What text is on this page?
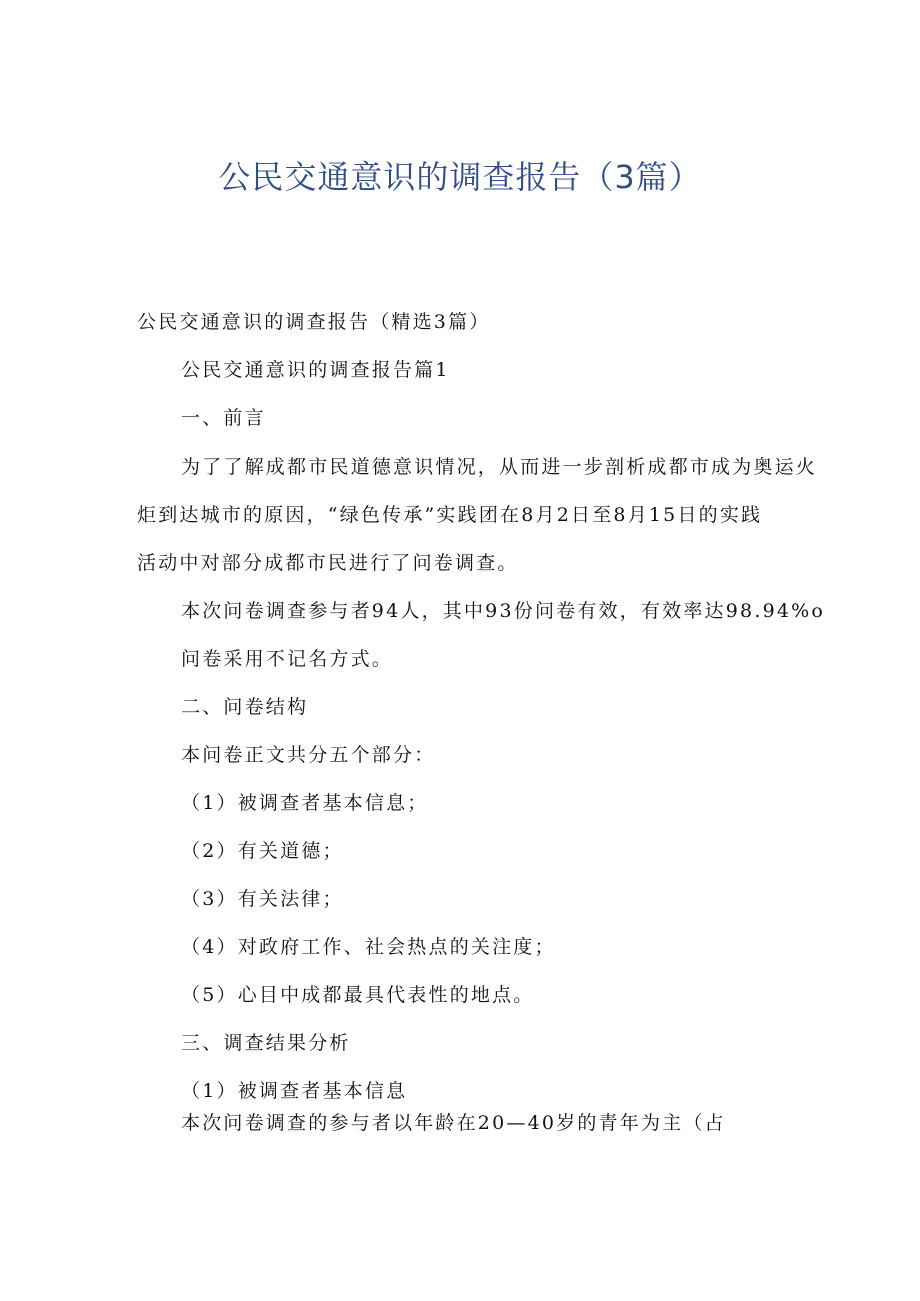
公民交通意识的调查报告（3篇）
公民交通意识的调查报告（精选3篇）
公民交通意识的调查报告篇1
一、前言
为了了解成都市民道德意识情况，从而进一步剖析成都市成为奥运火
炬到达城市的原因，“绿色传承”实践团在8月2日至8月15日的实践
活动中对部分成都市民进行了问卷调查。
本次问卷调查参与者94人，其中93份问卷有效，有效率达98.94%o
问卷采用不记名方式。
二、问卷结构
本问卷正文共分五个部分：
（1）被调查者基本信息；
（2）有关道德；
（3）有关法律；
（4）对政府工作、社会热点的关注度；
（5）心目中成都最具代表性的地点。
三、调查结果分析
（1）被调查者基本信息
本次问卷调查的参与者以年龄在20—40岁的青年为主（占
